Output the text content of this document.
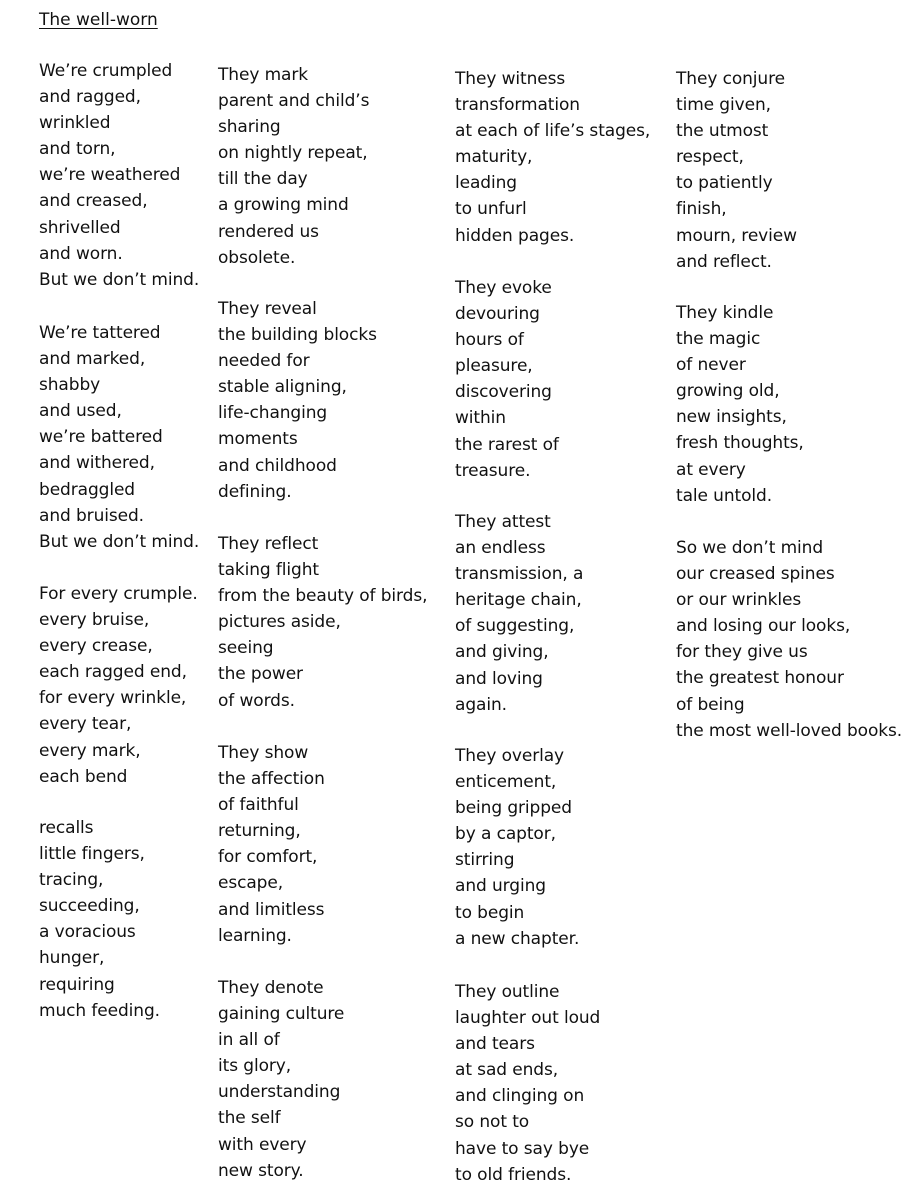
The well-worn
We’re crumpled
and ragged,
wrinkled
and torn,
we’re weathered
and creased,
shrivelled
and worn.
But we don’t mind.
We’re tattered
and marked,
shabby
and used,
we’re battered
and withered,
bedraggled
and bruised.
But we don’t mind.
For every crumple.
every bruise,
every crease,
each ragged end,
for every wrinkle,
every tear,
every mark,
each bend
recalls
little fingers,
tracing,
succeeding,
a voracious
hunger,
requiring
much feeding.
They mark
parent and child’s
sharing
on nightly repeat,
till the day
a growing mind
rendered us
obsolete.
They reveal
the building blocks
needed for
stable aligning,
life-changing
moments
and childhood
defining.
They reflect
taking flight
from the beauty of birds,
pictures aside,
seeing
the power
of words.
They show
the affection
of faithful
returning,
for comfort,
escape,
and limitless
learning.
They denote
gaining culture
in all of
its glory,
understanding
the self
with every
new story.
They witness
transformation
at each of life’s stages,
maturity,
leading
to unfurl
hidden pages.
They evoke
devouring
hours of
pleasure,
discovering
within
the rarest of
treasure.
They attest
an endless
transmission, a
heritage chain,
of suggesting,
and giving,
and loving
again.
They overlay
enticement,
being gripped
by a captor,
stirring
and urging
to begin
a new chapter.
They outline
laughter out loud
and tears
at sad ends,
and clinging on
so not to
have to say bye
to old friends.
They conjure
time given,
the utmost
respect,
to patiently
finish,
mourn, review
and reflect.
They kindle
the magic
of never
growing old,
new insights,
fresh thoughts,
at every
tale untold.
So we don’t mind
our creased spines
or our wrinkles
and losing our looks,
for they give us
the greatest honour
of being
the most well-loved books.
